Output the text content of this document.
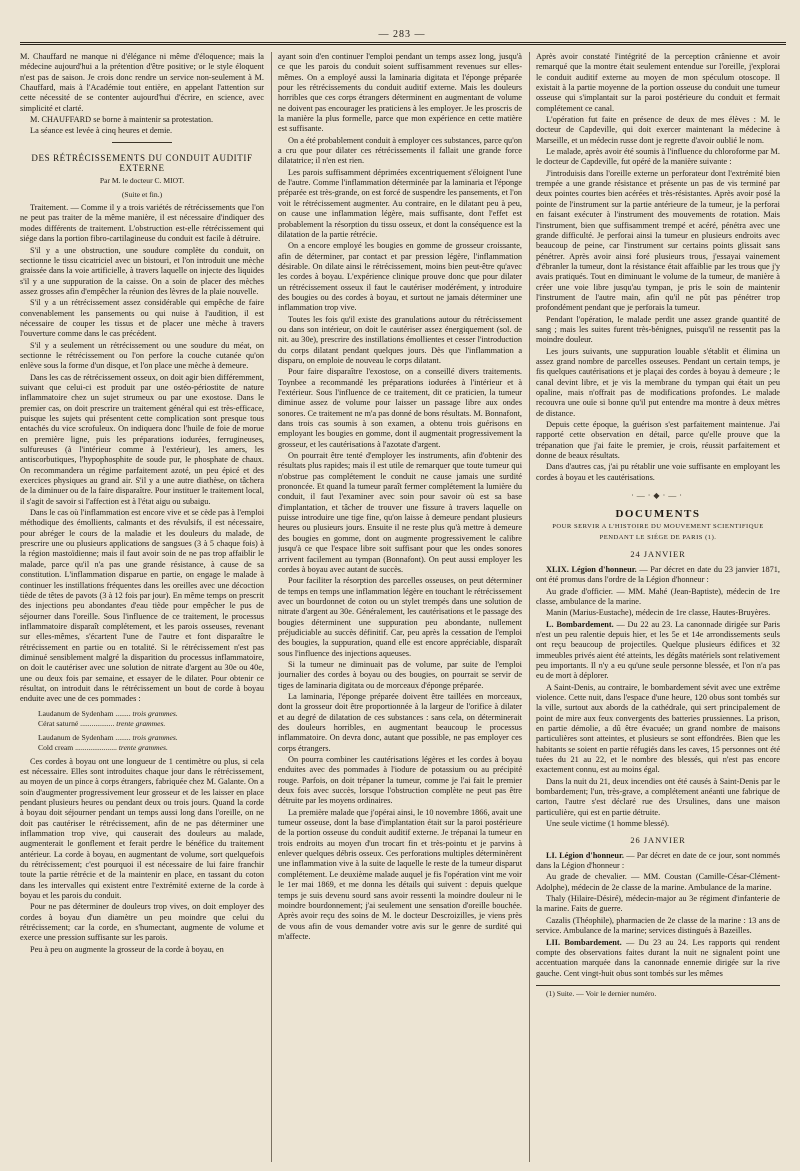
— 283 —

M. Chauffard ne manque ni d'élégance ni même d'éloquence; mais la médecine aujourd'hui a la prétention d'être positive; or le style éloquent n'est pas de saison. Je crois donc rendre un service non-seulement à M. Chauffard, mais à l'Académie tout entière, en appelant l'attention sur cette nécessité de se contenter aujourd'hui d'écrire, en science, avec simplicité et clarté.

M. CHAUFFARD se borne à maintenir sa protestation.

La séance est levée à cinq heures et demie.

DES RÉTRÉCISSEMENTS DU CONDUIT AUDITIF EXTERNE

Par M. le docteur C. MIOT.

(Suite et fin.)

Traitement. — Comme il y a trois variétés de rétrécissements que l'on ne peut pas traiter de la même manière, il est nécessaire d'indiquer des modes différents de traitement. L'obstruction est-elle rétrécissement qui siége dans la portion fibro-cartilagineuse du conduit est facile à détruire.

S'il y a une obstruction, une soudure complète du conduit, on sectionne le tissu cicatriciel avec un bistouri, et l'on introduit une mèche graissée dans la voie artificielle, à travers laquelle on injecte des liquides s'il y a une suppuration de la caisse. On a soin de placer des mèches assez grosses afin d'empêcher la réunion des lèvres de la plaie nouvelle.

S'il y a un rétrécissement assez considérable qui empêche de faire convenablement les pansements ou qui nuise à l'audition, il est nécessaire de couper les tissus et de placer une mèche à travers l'ouverture comme dans le cas précédent.

S'il y a seulement un rétrécissement ou une soudure du méat, on sectionne le rétrécissement ou l'on perfore la couche cutanée qu'on enlève sous la forme d'un disque, et l'on place une mèche à demeure.

Dans les cas de rétrécissement osseux, on doit agir bien différemment, suivant que celui-ci est produit par une ostéo-périostite de nature inflammatoire chez un sujet strumeux ou par une exostose. Dans le premier cas, on doit prescrire un traitement général qui est très-efficace, puisque les sujets qui présentent cette complication sont presque tous entachés du vice scrofuleux. On indiquera donc l'huile de foie de morue en première ligne, puis les préparations iodurées, ferrugineuses, sulfureuses (à l'intérieur comme à l'extérieur), les amers, les antiscorbutiques, l'hypophosphite de soude pur, le phosphate de chaux. On recommandera un régime parfaitement azoté, un peu épicé et des exercices physiques au grand air. S'il y a une autre diathèse, on tâchera de la diminuer ou de la faire disparaître. Pour instituer le traitement local, il s'agit de savoir si l'affection est à l'état aigu ou subaigu.

Dans le cas où l'inflammation est encore vive et se cède pas à l'emploi méthodique des émollients, calmants et des révulsifs, il est nécessaire, pour abréger le cours de la maladie et les douleurs du malade, de prescrire une ou plusieurs applications de sangsues (3 à 5 chaque fois) à la région mastoïdienne; mais il faut avoir soin de ne pas trop affaiblir le malade, parce qu'il n'a pas une grande résistance, à cause de sa constitution. L'inflammation disparue en partie, on engage le malade à continuer les instillations fréquentes dans les oreilles avec une décoction tiède de têtes de pavots (3 à 12 fois par jour). En même temps on prescrit des injections peu abondantes d'eau tiède pour empêcher le pus de séjourner dans l'oreille. Sous l'influence de ce traitement, le processus inflammatoire disparaît complétement, et les parois osseuses, revenant sur elles-mêmes, s'écartent l'une de l'autre et font disparaître le rétrécissement en partie ou en totalité. Si le rétrécissement n'est pas diminué sensiblement malgré la disparition du processus inflammatoire, on doit le cautériser avec une solution de nitrate d'argent au 30e ou 40e, une ou deux fois par semaine, et essayer de le dilater. Pour obtenir ce résultat, on introduit dans le rétrécissement un bout de corde à boyau enduite avec une de ces pommades :

Laudanum de Sydenham ........ trois grammes.
Cérat saturné .................. trente grammes.
Laudanum de Sydenham ........ trois grammes.
Cold cream ...................... trente grammes.

Ces cordes à boyau ont une longueur de 1 centimètre ou plus, si cela est nécessaire. Elles sont introduites chaque jour dans le rétrécissement, au moyen de un pince à corps étrangers, fabriquée chez M. Galante. On a soin d'augmenter progressivement leur grosseur et de les laisser en place pendant plusieurs heures ou pendant deux ou trois jours. Quand la corde à boyau doit séjourner pendant un temps aussi long dans l'oreille, on ne doit pas cautériser le rétrécissement, afin de ne pas déterminer une inflammation trop vive, qui causerait des douleurs au malade, augmenterait le gonflement et ferait perdre le bénéfice du traitement antérieur. La corde à boyau, en augmentant de volume, sort quelquefois du rétrécissement; c'est pourquoi il est nécessaire de lui faire franchir toute la partie rétrécie et de la maintenir en place, en tassant du coton dans les intervalles qui existent entre l'extrémité externe de la corde à boyau et les parois du conduit.

Pour ne pas déterminer de douleurs trop vives, on doit employer des cordes à boyau d'un diamètre un peu moindre que celui du rétrécissement; car la corde, en s'humectant, augmente de volume et exerce une pression suffisante sur les parois.

Peu à peu on augmente la grosseur de la corde à boyau, en

ayant soin d'en continuer l'emploi pendant un temps assez long, jusqu'à ce que les parois du conduit soient suffisamment revenues sur elles-mêmes. On a employé aussi la laminaria digitata et l'éponge préparée pour les rétrécissements du conduit auditif externe. Mais les douleurs horribles que ces corps étrangers déterminent en augmentant de volume ne doivent pas encourager les praticiens à les employer. Je les proscris de la manière la plus formelle, parce que mon expérience en cette matière est suffisante.

On a été probablement conduit à employer ces substances, parce qu'on a cru que pour dilater ces rétrécissements il fallait une grande force dilatatrice; il n'en est rien.

Les parois suffisamment déprimées excentriquement s'éloignent l'une de l'autre. Comme l'inflammation déterminée par la laminaria et l'éponge préparée est très-grande, on est forcé de suspendre les pansements, et l'on voit le rétrécissement augmenter. Au contraire, en le dilatant peu à peu, on cause une inflammation légère, mais suffisante, dont l'effet est probablement la résorption du tissu osseux, et dont la conséquence est la dilatation de la partie rétrécie.

On a encore employé les bougies en gomme de grosseur croissante, afin de déterminer, par contact et par pression légère, l'inflammation désirable. On dilate ainsi le rétrécissement, moins bien peut-être qu'avec les cordes à boyau. L'expérience clinique prouve donc que pour dilater un rétrécissement osseux il faut le cautériser modérément, y introduire des bougies ou des cordes à boyau, et surtout ne jamais déterminer une inflammation trop vive.

Toutes les fois qu'il existe des granulations autour du rétrécissement ou dans son intérieur, on doit le cautériser assez énergiquement (sol. de nit. au 30e), prescrire des instillations émollientes et cesser l'introduction du corps dilatant pendant quelques jours. Dès que l'inflammation a disparu, on emploie de nouveau le corps dilatant.

Pour faire disparaître l'exostose, on a conseillé divers traitements. Toynbee a recommandé les préparations iodurées à l'intérieur et à l'extérieur. Sous l'influence de ce traitement, dit ce praticien, la tumeur diminue assez de volume pour laisser un passage libre aux ondes sonores. Ce traitement ne m'a pas donné de bons résultats. M. Bonnafont, dans trois cas soumis à son examen, a obtenu trois guérisons en employant les bougies en gomme, dont il augmentait progressivement la grosseur, et les cautérisations à l'azotate d'argent.

On pourrait être tenté d'employer les instruments, afin d'obtenir des résultats plus rapides; mais il est utile de remarquer que toute tumeur qui n'obstrue pas complétement le conduit ne cause jamais une surdité prononcée. Et quand la tumeur paraît fermer complétement la lumière du conduit, il faut l'examiner avec soin pour savoir où est sa base d'implantation, et tâcher de trouver une fissure à travers laquelle on puisse introduire une tige fine, qu'on laisse à demeure pendant plusieurs heures ou plusieurs jours. Ensuite il ne reste plus qu'à mettre à demeure des bougies en gomme, dont on augmente progressivement le calibre jusqu'à ce que l'espace libre soit suffisant pour que les ondes sonores arrivent facilement au tympan (Bonnafont). On peut aussi employer les cordes à boyau avec autant de succès.

Pour faciliter la résorption des parcelles osseuses, on peut déterminer de temps en temps une inflammation légère en touchant le rétrécissement avec un bourdonnet de coton ou un stylet trempés dans une solution de nitrate d'argent au 30e. Généralement, les cautérisations et le passage des bougies déterminent une suppuration peu abondante, nullement préjudiciable au succès définitif. Car, peu après la cessation de l'emploi des bougies, la suppuration, quand elle est encore appréciable, disparaît sous l'influence des injections aqueuses.

Si la tumeur ne diminuait pas de volume, par suite de l'emploi journalier des cordes à boyau ou des bougies, on pourrait se servir de tiges de laminaria digitata ou de morceaux d'éponge préparée.

La laminaria, l'éponge préparée doivent être taillées en morceaux, dont la grosseur doit être proportionnée à la largeur de l'orifice à dilater et au degré de dilatation de ces substances : sans cela, on déterminerait des douleurs horribles, en augmentant beaucoup le processus inflammatoire. On devra donc, autant que possible, ne pas employer ces corps étrangers.

On pourra combiner les cautérisations légères et les cordes à boyau enduites avec des pommades à l'iodure de potassium ou au précipité rouge. Parfois, on doit trépaner la tumeur, comme je l'ai fait le premier deux fois avec succès, lorsque l'obstruction complète ne peut pas être détruite par les moyens ordinaires.

La première malade que j'opérai ainsi, le 10 novembre 1866, avait une tumeur osseuse, dont la base d'implantation était sur la paroi postérieure de la portion osseuse du conduit auditif externe. Je trépanai la tumeur en trois endroits au moyen d'un trocart fin et très-pointu et je parvins à enlever quelques débris osseux. Ces perforations multiples déterminèrent une inflammation vive à la suite de laquelle le reste de la tumeur disparut complétement. Le deuxième malade auquel je fis l'opération vint me voir le 1er mai 1869, et me donna les détails qui suivent : depuis quelque temps je suis devenu sourd sans avoir ressenti la moindre douleur ni le moindre bourdonnement; j'ai seulement une sensation d'oreille bouchée. Après avoir reçu des soins de M. le docteur Descroizilles, je viens près de vous afin de vous demander votre avis sur le genre de surdité qui m'affecte.

Après avoir constaté l'intégrité de la perception crânienne et avoir remarqué que la montre était seulement entendue sur l'oreille, j'explorai le conduit auditif externe au moyen de mon spéculum otoscope. Il existait à la partie moyenne de la portion osseuse du conduit une tumeur osseuse qui s'implantait sur la paroi postérieure du conduit et fermait complétement ce canal.

L'opération fut faite en présence de deux de mes élèves : M. le docteur de Capdeville, qui doit exercer maintenant la médecine à Marseille, et un médecin russe dont je regrette d'avoir oublié le nom.

Le malade, après avoir été soumis à l'influence du chloroforme par M. le docteur de Capdeville, fut opéré de la manière suivante :

J'introduisis dans l'oreille externe un perforateur dont l'extrémité bien trempée a une grande résistance et présente un pas de vis terminé par deux pointes courtes bien acérées et très-résistantes. Après avoir posé la pointe de l'instrument sur la partie antérieure de la tumeur, je la perforai en faisant exécuter à l'instrument des mouvements de rotation. Mais l'instrument, bien que suffisamment trempé et acéré, pénétra avec une grande difficulté. Je perforai ainsi la tumeur en plusieurs endroits avec beaucoup de peine, car l'instrument sur certains points glissait sans pénétrer. Après avoir ainsi foré plusieurs trous, j'essayai vainement d'ébranler la tumeur, dont la résistance était affaiblie par les trous que j'y avais pratiqués. Tout en diminuant le volume de la tumeur, de manière à créer une voie libre jusqu'au tympan, je pris le soin de maintenir l'instrument de l'autre main, afin qu'il ne pût pas pénétrer trop profondément pendant que je perforais la tumeur.

Pendant l'opération, le malade perdit une assez grande quantité de sang ; mais les suites furent très-bénignes, puisqu'il ne ressentit pas la moindre douleur.

Les jours suivants, une suppuration louable s'établit et élimina un assez grand nombre de parcelles osseuses. Pendant un certain temps, je fis quelques cautérisations et je plaçai des cordes à boyau à demeure ; le canal devint libre, et je vis la membrane du tympan qui était un peu opaline, mais n'offrait pas de modifications profondes. Le malade recouvra une ouïe si bonne qu'il put entendre ma montre à deux mètres de distance.

Depuis cette époque, la guérison s'est parfaitement maintenue. J'ai rapporté cette observation en détail, parce qu'elle prouve que la trépanation que j'ai faite le premier, je crois, réussit parfaitement et donne de beaux résultats.

Dans d'autres cas, j'ai pu rétablir une voie suffisante en employant les cordes à boyau et les cautérisations.

·—·◆·—·

DOCUMENTS

POUR SERVIR A L'HISTOIRE DU MOUVEMENT SCIENTIFIQUE

PENDANT LE SIÉGE DE PARIS (1).

24 JANVIER

XLIX. Légion d'honneur. — Par décret en date du 23 janvier 1871, ont été promus dans l'ordre de la Légion d'honneur :

Au grade d'officier. — MM. Mahé (Jean-Baptiste), médecin de 1re classe, ambulance de la marine.

Manin (Marius-Eustache), médecin de 1re classe, Hautes-Bruyères.

L. Bombardement. — Du 22 au 23. La canonnade dirigée sur Paris n'est un peu ralentie depuis hier, et les 5e et 14e arrondissements seuls ont reçu beaucoup de projectiles. Quelque plusieurs édifices et 32 immeubles privés aient été atteints, les dégâts matériels sont relativement peu importants. Il n'y a eu qu'une seule personne blessée, et l'on n'a pas eu de mort à déplorer.

A Saint-Denis, au contraire, le bombardement sévit avec une extrême violence. Cette nuit, dans l'espace d'une heure, 120 obus sont tombés sur la ville, surtout aux abords de la cathédrale, qui sert principalement de point de mire aux feux convergents des batteries prussiennes. La prison, en partie démolie, a dû être évacuée; un grand nombre de maisons particulières sont atteintes, et plusieurs se sont effondrées. Bien que les habitants se soient en partie réfugiés dans les caves, 15 personnes ont été tuées du 21 au 22, et le nombre des blessés, qui n'est pas encore exactement connu, est au moins égal.

Dans la nuit du 21, deux incendies ont été causés à Saint-Denis par le bombardement; l'un, très-grave, a complétement anéanti une fabrique de carton, l'autre s'est déclaré rue des Ursulines, dans une maison particulière, qui est en partie détruite.

Une seule victime (1 homme blessé).

26 JANVIER

LI. Légion d'honneur. — Par décret en date de ce jour, sont nommés dans la Légion d'honneur :

Au grade de chevalier. — MM. Coustan (Camille-César-Clément-Adolphe), médecin de 2e classe de la marine. Ambulance de la marine.

Thaly (Hilaire-Désiré), médecin-major au 3e régiment d'infanterie de la marine. Faits de guerre.

Cazalis (Théophile), pharmacien de 2e classe de la marine : 13 ans de service. Ambulance de la marine; services distingués à Bazeilles.

LII. Bombardement. — Du 23 au 24. Les rapports qui rendent compte des observations faites durant la nuit ne signalent point une accentuation marquée dans la canonnade ennemie dirigée sur la rive gauche. Cent vingt-huit obus sont tombés sur les mêmes

(1) Suite. — Voir le dernier numéro.
